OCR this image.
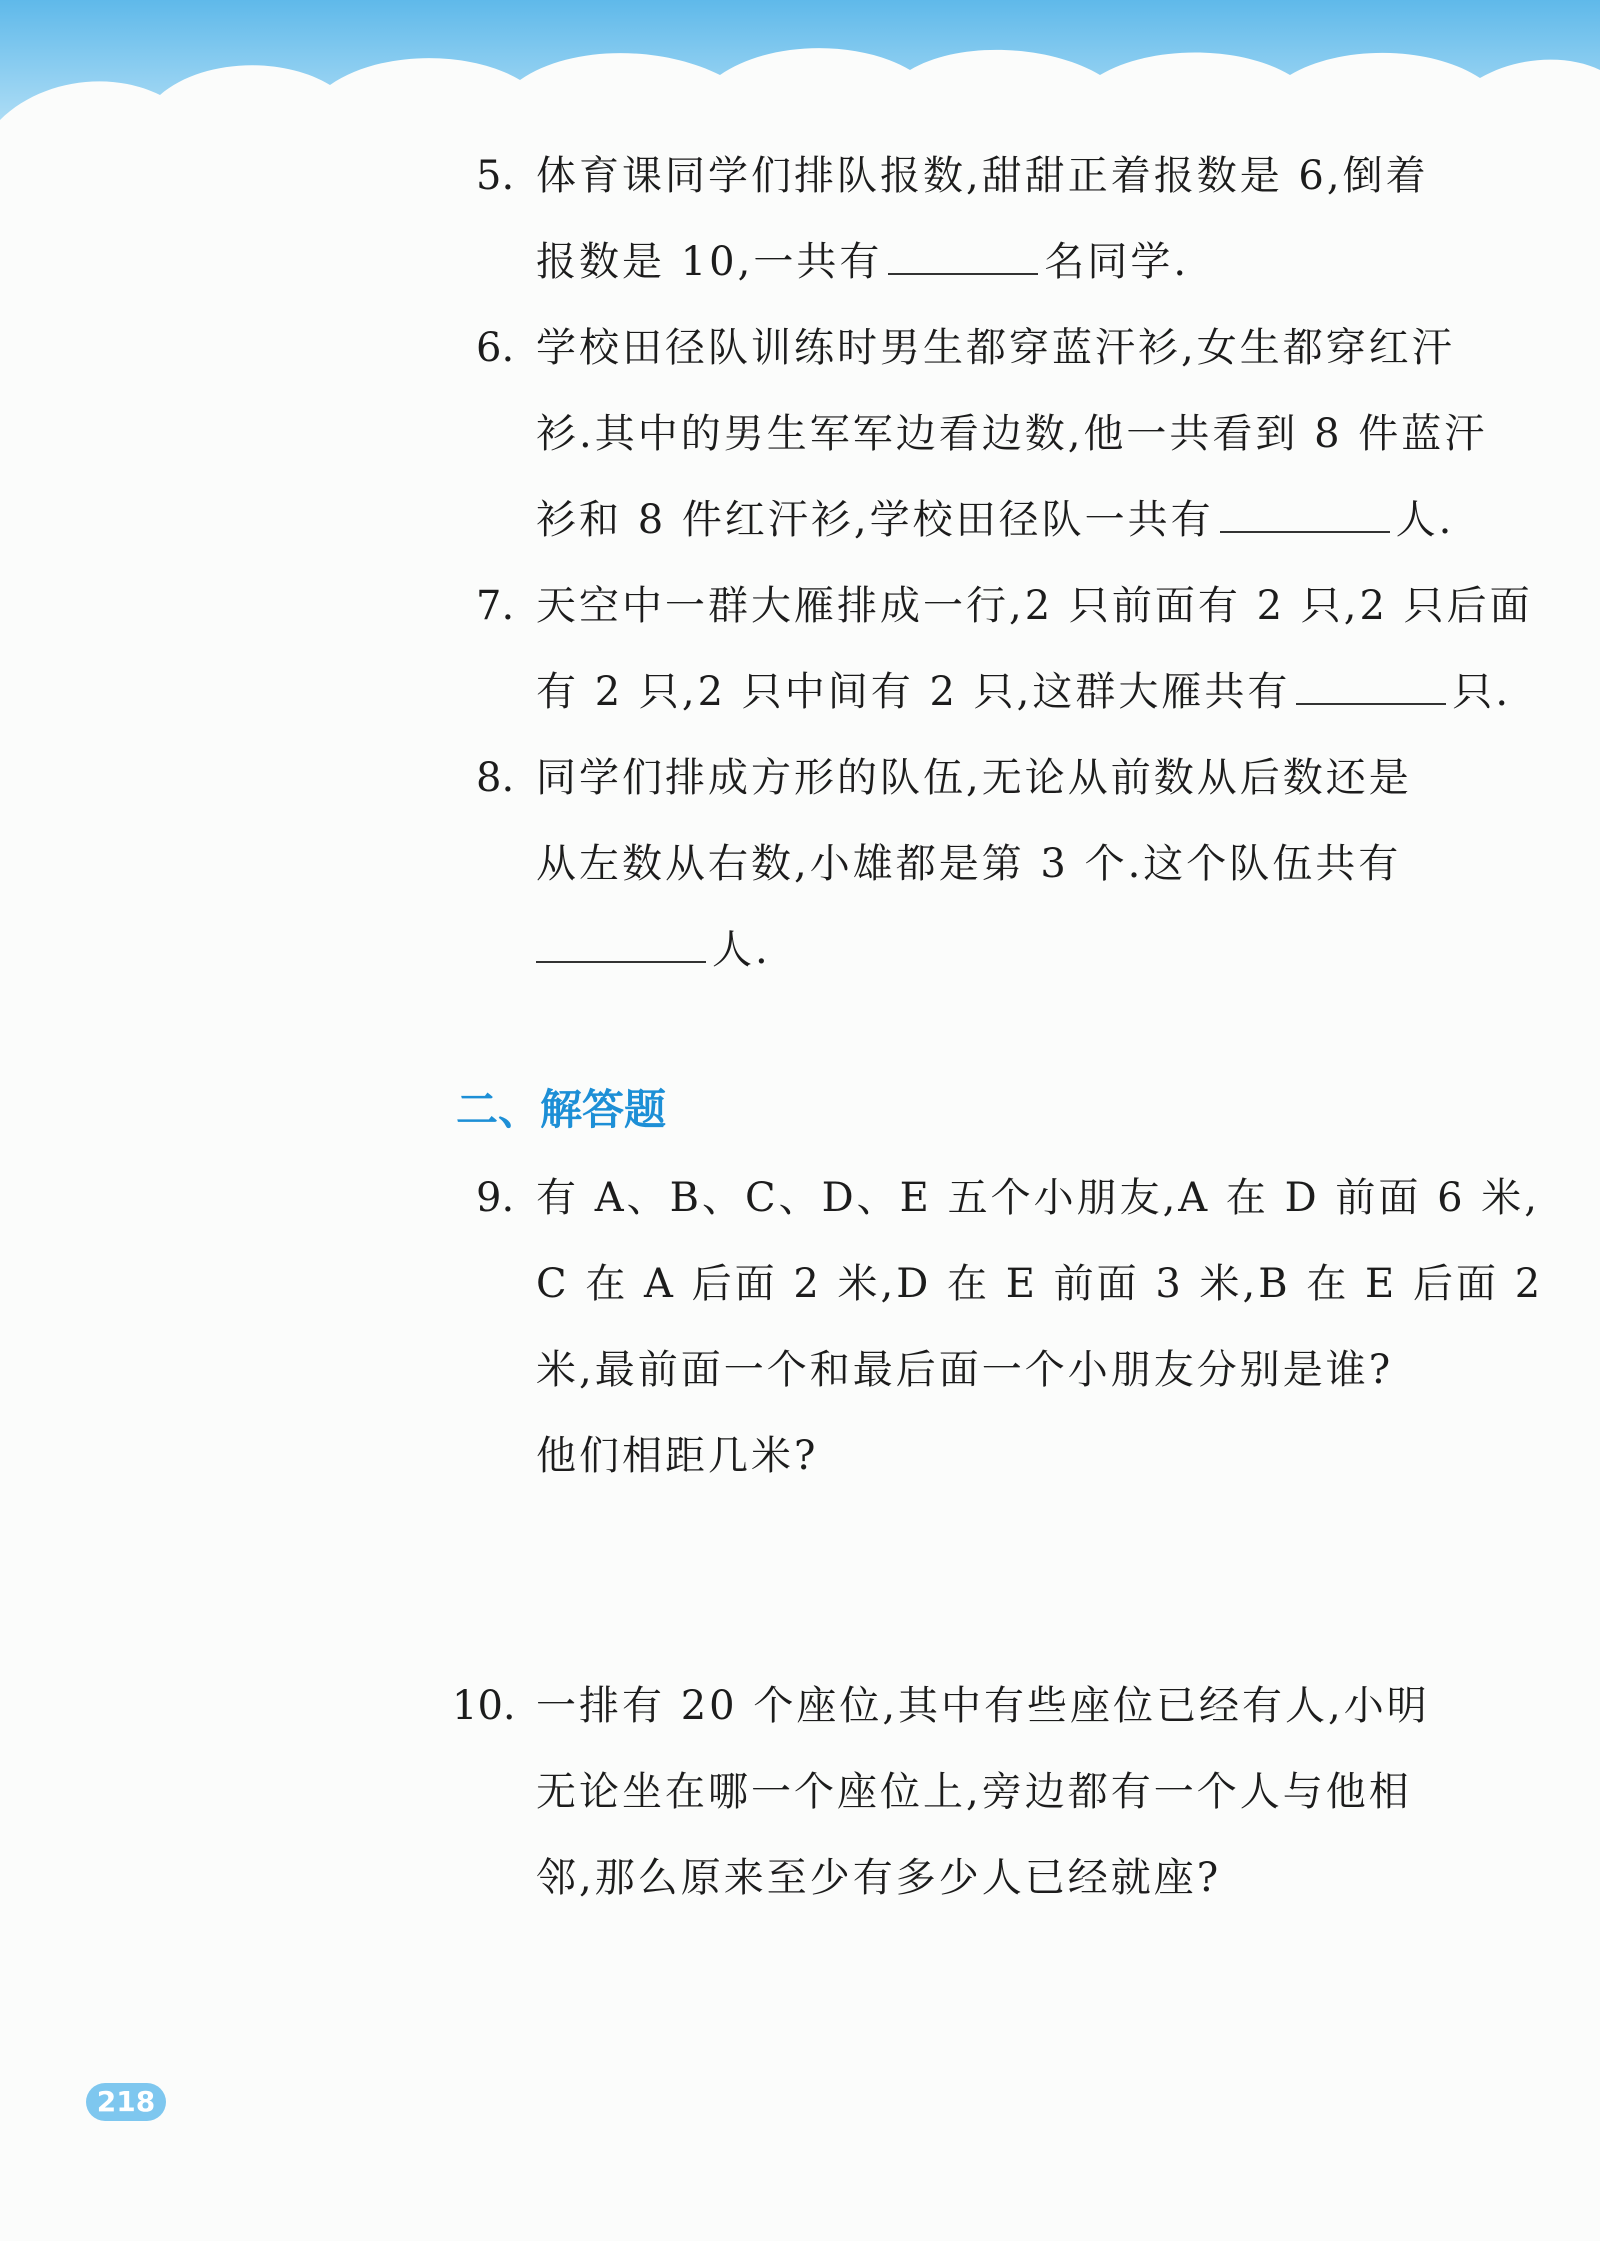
5. 体育课同学们排队报数,甜甜正着报数是 6,倒着
报数是 10,一共有	名同学.
6. 学校田径队训练时男生都穿蓝汗衫,女生都穿红汗
衫.其中的男生军军边看边数,他一共看到 8 件蓝汗
衫和 8 件红汗衫,学校田径队一共有	人.
7. 天空中一群大雁排成一行,2 只前面有 2 只,2 只后面
有 2 只,2 只中间有 2 只,这群大雁共有	只.
8. 同学们排成方形的队伍,无论从前数从后数还是
从左数从右数,小雄都是第 3 个.这个队伍共有
人.
二、解答题
9. 有 A、B、C、D、E 五个小朋友,A 在 D 前面 6 米,
C 在 A 后面 2 米,D 在 E 前面 3 米,B 在 E 后面 2
米,最前面一个和最后面一个小朋友分别是谁?
他们相距几米?
10. 一排有 20 个座位,其中有些座位已经有人,小明
无论坐在哪一个座位上,旁边都有一个人与他相
邻,那么原来至少有多少人已经就座?
218
